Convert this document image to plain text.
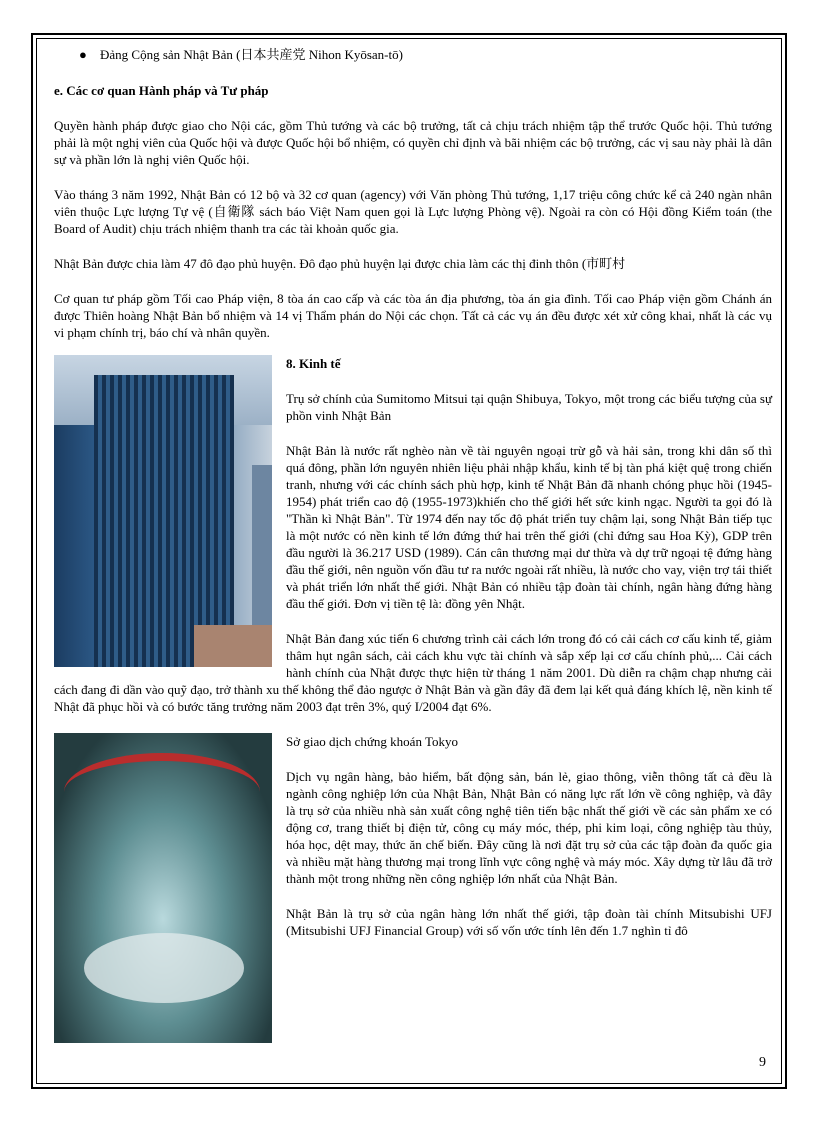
● Đảng Cộng sản Nhật Bản (日本共産党 Nihon Kyōsan-tō)

e. Các cơ quan Hành pháp và Tư pháp

Quyền hành pháp được giao cho Nội các, gồm Thủ tướng và các bộ trưởng, tất cả chịu trách nhiệm tập thể trước Quốc hội. Thủ tướng phải là một nghị viên của Quốc hội và được Quốc hội bổ nhiệm, có quyền chỉ định và bãi nhiệm các bộ trưởng, các vị sau này phải là dân sự và phần lớn là nghị viên Quốc hội.

Vào tháng 3 năm 1992, Nhật Bản có 12 bộ và 32 cơ quan (agency) với Văn phòng Thủ tướng, 1,17 triệu công chức kể cả 240 ngàn nhân viên thuộc Lực lượng Tự vệ (自衛隊 sách báo Việt Nam quen gọi là Lực lượng Phòng vệ). Ngoài ra còn có Hội đồng Kiểm toán (the Board of Audit) chịu trách nhiệm thanh tra các tài khoản quốc gia.

Nhật Bản được chia làm 47 đô đạo phủ huyện. Đô đạo phủ huyện lại được chia làm các thị đinh thôn (市町村

Cơ quan tư pháp gồm Tối cao Pháp viện, 8 tòa án cao cấp và các tòa án địa phương, tòa án gia đình. Tối cao Pháp viện gồm Chánh án được Thiên hoàng Nhật Bản bổ nhiệm và 14 vị Thẩm phán do Nội các chọn. Tất cả các vụ án đều được xét xử công khai, nhất là các vụ vi phạm chính trị, báo chí và nhân quyền.

8. Kinh tế

Trụ sở chính của Sumitomo Mitsui tại quận Shibuya, Tokyo, một trong các biểu tượng của sự phồn vinh Nhật Bản

Nhật Bản là nước rất nghèo nàn về tài nguyên ngoại trừ gỗ và hải sản, trong khi dân số thì quá đông, phần lớn nguyên nhiên liệu phải nhập khẩu, kinh tế bị tàn phá kiệt quệ trong chiến tranh, nhưng với các chính sách phù hợp, kinh tế Nhật Bản đã nhanh chóng phục hồi (1945-1954) phát triển cao độ (1955-1973)khiến cho thế giới hết sức kinh ngạc. Người ta gọi đó là "Thần kì Nhật Bản". Từ 1974 đến nay tốc độ phát triển tuy chậm lại, song Nhật Bản tiếp tục là một nước có nền kinh tế lớn đứng thứ hai trên thế giới (chỉ đứng sau Hoa Kỳ), GDP trên đầu người là 36.217 USD (1989). Cán cân thương mại dư thừa và dự trữ ngoại tệ đứng hàng đầu thế giới, nên nguồn vốn đầu tư ra nước ngoài rất nhiều, là nước cho vay, viện trợ tái thiết và phát triển lớn nhất thế giới. Nhật Bản có nhiều tập đoàn tài chính, ngân hàng đứng hàng đầu thế giới. Đơn vị tiền tệ là: đồng yên Nhật.

Nhật Bản đang xúc tiến 6 chương trình cải cách lớn trong đó có cải cách cơ cấu kinh tế, giảm thâm hụt ngân sách, cải cách khu vực tài chính và sắp xếp lại cơ cấu chính phủ,... Cải cách hành chính của Nhật được thực hiện từ tháng 1 năm 2001. Dù diễn ra chậm chạp nhưng cải cách đang đi dần vào quỹ đạo, trở thành xu thế không thể đảo ngược ở Nhật Bản và gần đây đã đem lại kết quả đáng khích lệ, nền kinh tế Nhật đã phục hồi và có bước tăng trưởng năm 2003 đạt trên 3%, quý I/2004 đạt 6%.

Sở giao dịch chứng khoán Tokyo

Dịch vụ ngân hàng, bảo hiểm, bất động sản, bán lẻ, giao thông, viễn thông tất cả đều là ngành công nghiệp lớn của Nhật Bản, Nhật Bản có năng lực rất lớn về công nghiệp, và đây là trụ sở của nhiều nhà sản xuất công nghệ tiên tiến bậc nhất thế giới về các sản phẩm xe có động cơ, trang thiết bị điện tử, công cụ máy móc, thép, phi kim loại, công nghiệp tàu thủy, hóa học, dệt may, thức ăn chế biến. Đây cũng là nơi đặt trụ sở của các tập đoàn đa quốc gia và nhiều mặt hàng thương mại trong lĩnh vực công nghệ và máy móc. Xây dựng từ lâu đã trở thành một trong những nền công nghiệp lớn nhất của Nhật Bản.

Nhật Bản là trụ sở của ngân hàng lớn nhất thế giới, tập đoàn tài chính Mitsubishi UFJ (Mitsubishi UFJ Financial Group) với số vốn ước tính lên đến 1.7 nghìn tỉ đô

9
